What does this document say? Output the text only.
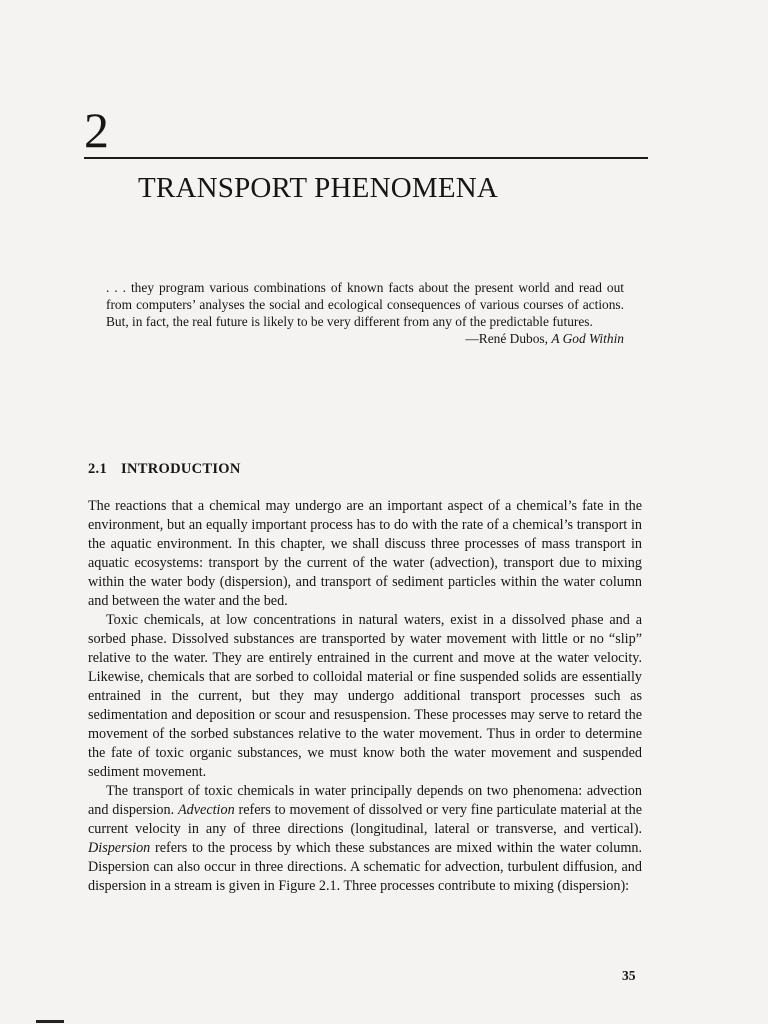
2
TRANSPORT PHENOMENA

. . . they program various combinations of known facts about the present world and read out from computers’ analyses the social and ecological consequences of various courses of actions. But, in fact, the real future is likely to be very different from any of the predictable futures.

—René Dubos, A God Within
2.1 INTRODUCTION

The reactions that a chemical may undergo are an important aspect of a chemical’s fate in the environment, but an equally important process has to do with the rate of a chemical’s transport in the aquatic environment. In this chapter, we shall discuss three processes of mass transport in aquatic ecosystems: transport by the current of the water (advection), transport due to mixing within the water body (dispersion), and transport of sediment particles within the water column and between the water and the bed.

Toxic chemicals, at low concentrations in natural waters, exist in a dissolved phase and a sorbed phase. Dissolved substances are transported by water movement with little or no “slip” relative to the water. They are entirely entrained in the current and move at the water velocity. Likewise, chemicals that are sorbed to colloidal material or fine suspended solids are essentially entrained in the current, but they may undergo additional transport processes such as sedimentation and deposition or scour and resuspension. These processes may serve to retard the movement of the sorbed substances relative to the water movement. Thus in order to determine the fate of toxic organic substances, we must know both the water movement and suspended sediment movement.

The transport of toxic chemicals in water principally depends on two phenomena: advection and dispersion. Advection refers to movement of dissolved or very fine particulate material at the current velocity in any of three directions (longitudinal, lateral or transverse, and vertical). Dispersion refers to the process by which these substances are mixed within the water column. Dispersion can also occur in three directions. A schematic for advection, turbulent diffusion, and dispersion in a stream is given in Figure 2.1. Three processes contribute to mixing (dispersion):

35
